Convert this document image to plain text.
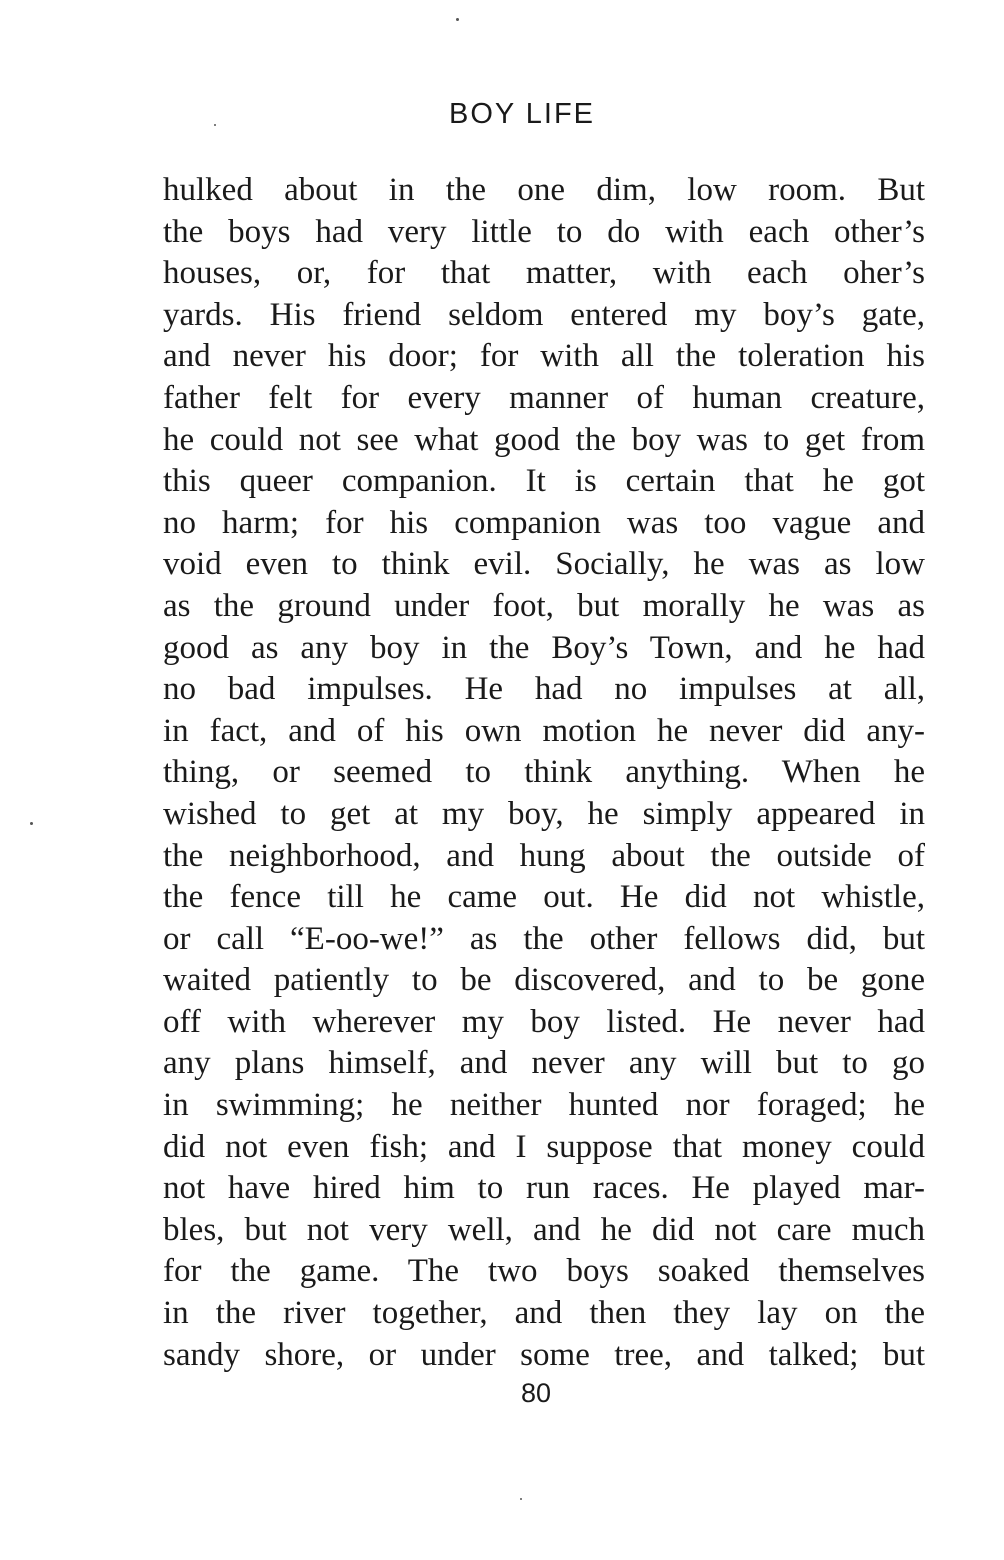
BOY LIFE
hulked about in the one dim, low room. But
the boys had very little to do with each other’s
houses, or, for that matter, with each oher’s
yards. His friend seldom entered my boy’s gate,
and never his door; for with all the toleration his
father felt for every manner of human creature,
he could not see what good the boy was to get from
this queer companion. It is certain that he got
no harm; for his companion was too vague and
void even to think evil. Socially, he was as low
as the ground under foot, but morally he was as
good as any boy in the Boy’s Town, and he had
no bad impulses. He had no impulses at all,
in fact, and of his own motion he never did any-
thing, or seemed to think anything. When he
wished to get at my boy, he simply appeared in
the neighborhood, and hung about the outside of
the fence till he came out. He did not whistle,
or call “E-oo-we!” as the other fellows did, but
waited patiently to be discovered, and to be gone
off with wherever my boy listed. He never had
any plans himself, and never any will but to go
in swimming; he neither hunted nor foraged; he
did not even fish; and I suppose that money could
not have hired him to run races. He played mar-
bles, but not very well, and he did not care much
for the game. The two boys soaked themselves
in the river together, and then they lay on the
sandy shore, or under some tree, and talked; but
80
